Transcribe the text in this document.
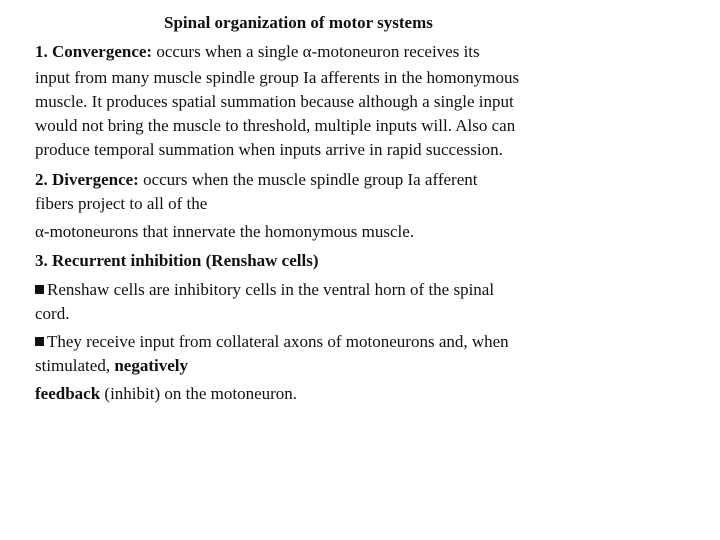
Spinal organization of motor systems
1. Convergence: occurs when a single α-motoneuron receives its
input from many muscle spindle group Ia afferents in the homonymous
muscle. It produces spatial summation because although a single input
would not bring the muscle to threshold, multiple inputs will. Also can
produce temporal summation when inputs arrive in rapid succession.
2. Divergence: occurs when the muscle spindle group Ia afferent
fibers project to all of the
α-motoneurons that innervate the homonymous muscle.
3. Recurrent inhibition (Renshaw cells)
Renshaw cells are inhibitory cells in the ventral horn of the spinal
cord.
They receive input from collateral axons of motoneurons and, when
stimulated, negatively
feedback (inhibit) on the motoneuron.
